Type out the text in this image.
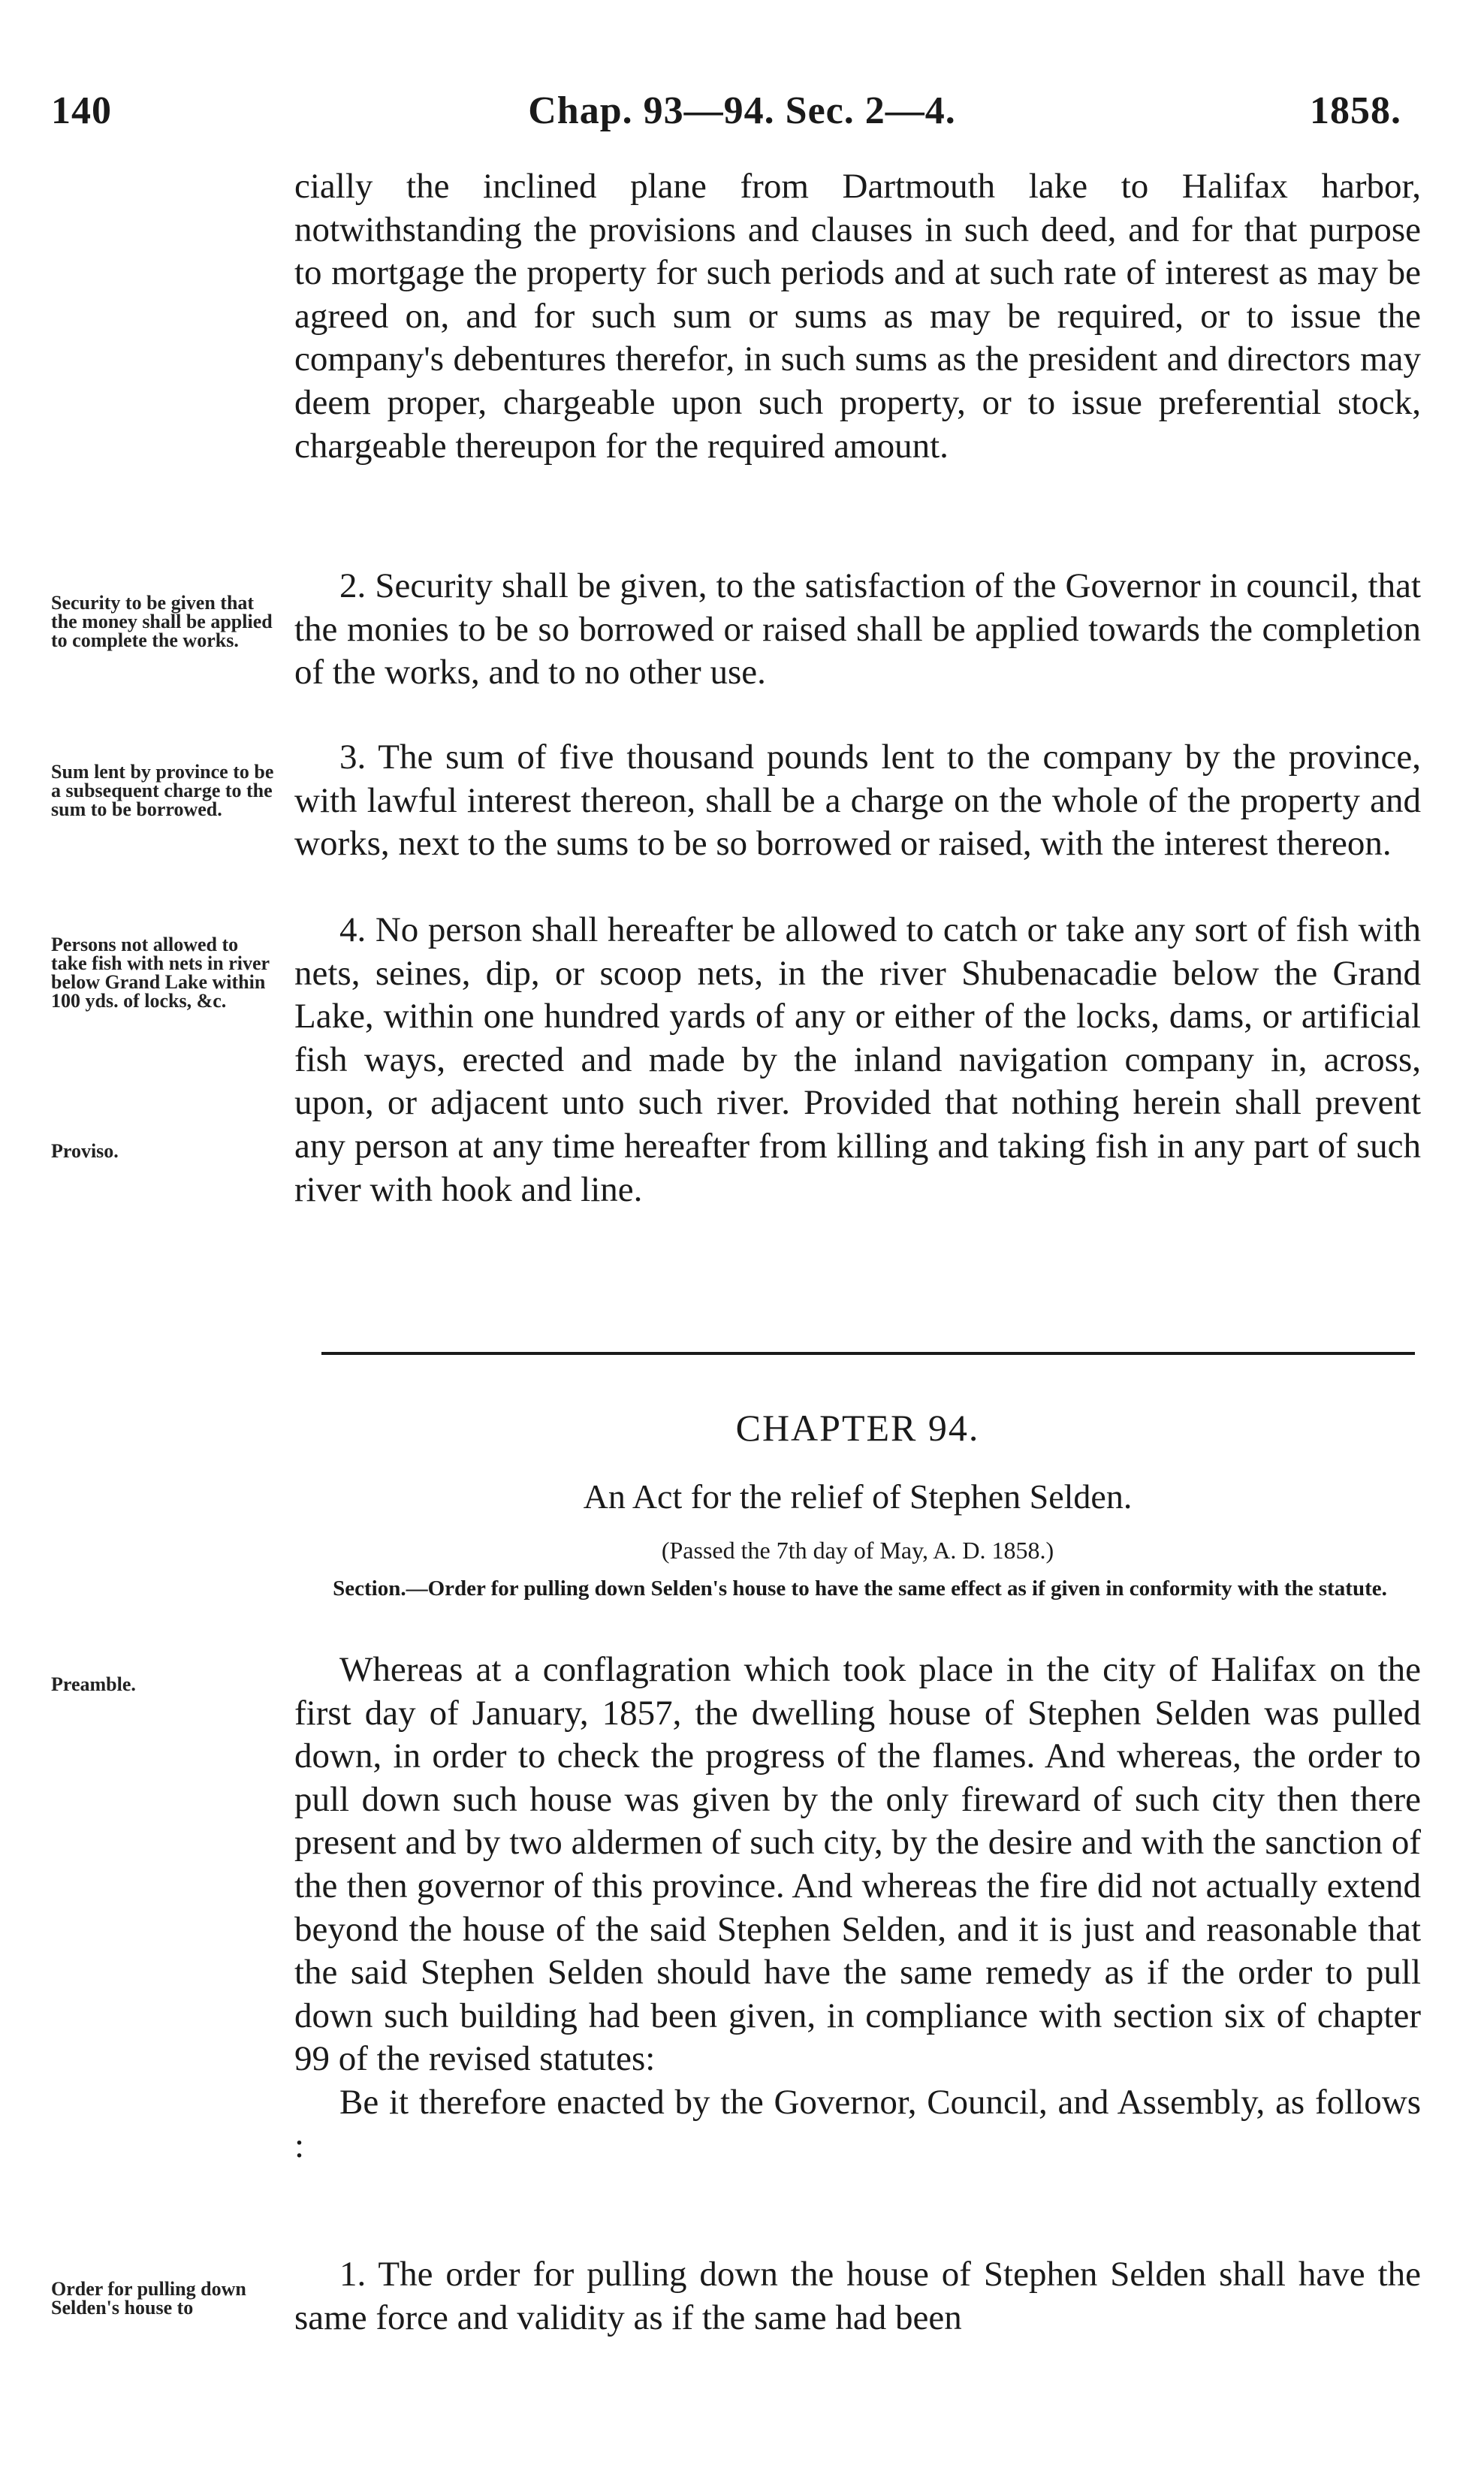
140	Chap. 93—94. Sec. 2—4.	1858.

cially the inclined plane from Dartmouth lake to Halifax harbor, notwithstanding the provisions and clauses in such deed, and for that purpose to mortgage the property for such periods and at such rate of interest as may be agreed on, and for such sum or sums as may be required, or to issue the company's debentures therefor, in such sums as the president and directors may deem proper, chargeable upon such property, or to issue preferential stock, chargeable thereupon for the required amount.

Security to be given that the money shall be applied to complete the works.

2. Security shall be given, to the satisfaction of the Governor in council, that the monies to be so borrowed or raised shall be applied towards the completion of the works, and to no other use.

Sum lent by province to be a subsequent charge to the sum to be borrowed.

3. The sum of five thousand pounds lent to the company by the province, with lawful interest thereon, shall be a charge on the whole of the property and works, next to the sums to be so borrowed or raised, with the interest thereon.

Persons not allowed to take fish with nets in river below Grand Lake within 100 yds. of locks, &c.
Proviso.

4. No person shall hereafter be allowed to catch or take any sort of fish with nets, seines, dip, or scoop nets, in the river Shubenacadie below the Grand Lake, within one hundred yards of any or either of the locks, dams, or artificial fish ways, erected and made by the inland navigation company in, across, upon, or adjacent unto such river. Provided that nothing herein shall prevent any person at any time hereafter from killing and taking fish in any part of such river with hook and line.

CHAPTER 94.
An Act for the relief of Stephen Selden.
(Passed the 7th day of May, A. D. 1858.)
Section.—Order for pulling down Selden's house to have the same effect as if given in conformity with the statute.
Preamble.	Whereas at a conflagration which took place in the city of Halifax on the first day of January, 1857, the dwelling house of Stephen Selden was pulled down, in order to check the progress of the flames. And whereas, the order to pull down such house was given by the only fireward of such city then there present and by two aldermen of such city, by the desire and with the sanction of the then governor of this province. And whereas the fire did not actually extend beyond the house of the said Stephen Selden, and it is just and reasonable that the said Stephen Selden should have the same remedy as if the order to pull down such building had been given, in compliance with section six of chapter 99 of the revised statutes:

Be it therefore enacted by the Governor, Council, and Assembly, as follows :

Order for pulling down Selden's house to

1. The order for pulling down the house of Stephen Selden shall have the same force and validity as if the same had been
